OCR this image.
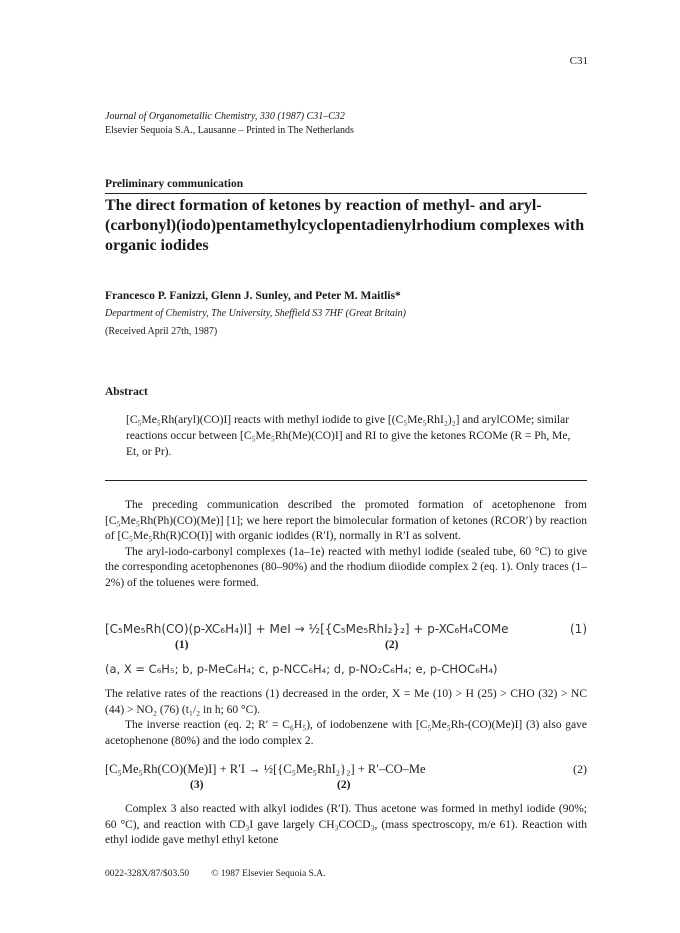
C31
Journal of Organometallic Chemistry, 330 (1987) C31–C32
Elsevier Sequoia S.A., Lausanne – Printed in The Netherlands
Preliminary communication
The direct formation of ketones by reaction of methyl- and aryl-(carbonyl)(iodo)pentamethylcyclopentadienylrhodium complexes with organic iodides
Francesco P. Fanizzi, Glenn J. Sunley, and Peter M. Maitlis*
Department of Chemistry, The University, Sheffield S3 7HF (Great Britain)
(Received April 27th, 1987)
Abstract
[C₅Me₅Rh(aryl)(CO)I] reacts with methyl iodide to give [(C₅Me₅RhI₂)₂] and arylCOMe; similar reactions occur between [C₅Me₅Rh(Me)(CO)I] and RI to give the ketones RCOMe (R = Ph, Me, Et, or Pr).
The preceding communication described the promoted formation of acetophenone from [C₅Me₅Rh(Ph)(CO)(Me)] [1]; we here report the bimolecular formation of ketones (RCOR′) by reaction of [C₅Me₅Rh(R)CO(I)] with organic iodides (R′I), normally in R′I as solvent.
The aryl-iodo-carbonyl complexes (1a–1e) reacted with methyl iodide (sealed tube, 60 °C) to give the corresponding acetophenones (80–90%) and the rhodium diiodide complex 2 (eq. 1). Only traces (1–2%) of the toluenes were formed.
[C₅Me₅Rh(CO)(p-XC₆H₄)I] + MeI → ½[{C₅Me₅RhI₂}₂] + p-XC₆H₄COMe	(1)
(1)	(2)
(a, X = C₆H₅; b, p-MeC₆H₄; c, p-NCC₆H₄; d, p-NO₂C₆H₄; e, p-CHOC₆H₄)
The relative rates of the reactions (1) decreased in the order, X = Me (10) > H (25) > CHO (32) > NC (44) > NO₂ (76) (t₁/₂ in h; 60 °C).
The inverse reaction (eq. 2; R′ = C₆H₅), of iodobenzene with [C₅Me₅Rh-(CO)(Me)I] (3) also gave acetophenone (80%) and the iodo complex 2.
[C₅Me₅Rh(CO)(Me)I] + R′I → ½[{C₅Me₅RhI₂}₂] + R′–CO–Me	(2)
(3)	(2)
Complex 3 also reacted with alkyl iodides (R′I). Thus acetone was formed in methyl iodide (90%; 60 °C), and reaction with CD₃I gave largely CH₃COCD₃, (mass spectroscopy, m/e 61). Reaction with ethyl iodide gave methyl ethyl ketone
0022-328X/87/$03.50 © 1987 Elsevier Sequoia S.A.
